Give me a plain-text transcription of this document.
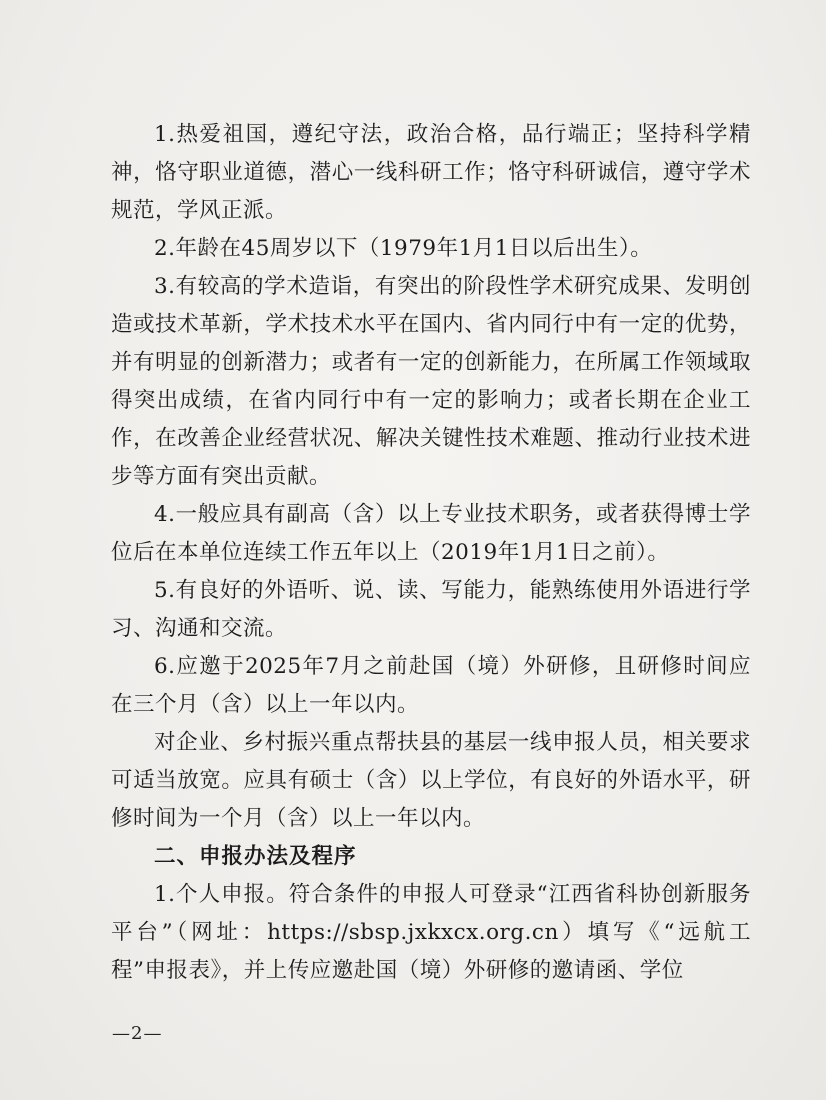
1.热爱祖国，遵纪守法，政治合格，品行端正；坚持科学精神，恪守职业道德，潜心一线科研工作；恪守科研诚信，遵守学术规范，学风正派。

2.年龄在45周岁以下（1979年1月1日以后出生）。

3.有较高的学术造诣，有突出的阶段性学术研究成果、发明创造或技术革新，学术技术水平在国内、省内同行中有一定的优势，并有明显的创新潜力；或者有一定的创新能力，在所属工作领域取得突出成绩，在省内同行中有一定的影响力；或者长期在企业工作，在改善企业经营状况、解决关键性技术难题、推动行业技术进步等方面有突出贡献。

4.一般应具有副高（含）以上专业技术职务，或者获得博士学位后在本单位连续工作五年以上（2019年1月1日之前）。

5.有良好的外语听、说、读、写能力，能熟练使用外语进行学习、沟通和交流。

6.应邀于2025年7月之前赴国（境）外研修，且研修时间应在三个月（含）以上一年以内。

对企业、乡村振兴重点帮扶县的基层一线申报人员，相关要求可适当放宽。应具有硕士（含）以上学位，有良好的外语水平，研修时间为一个月（含）以上一年以内。

二、申报办法及程序

1.个人申报。符合条件的申报人可登录“江西省科协创新服务平台”（网址：https://sbsp.jxkxcx.org.cn）填写《“远航工程”申报表》，并上传应邀赴国（境）外研修的邀请函、学位

—2—
